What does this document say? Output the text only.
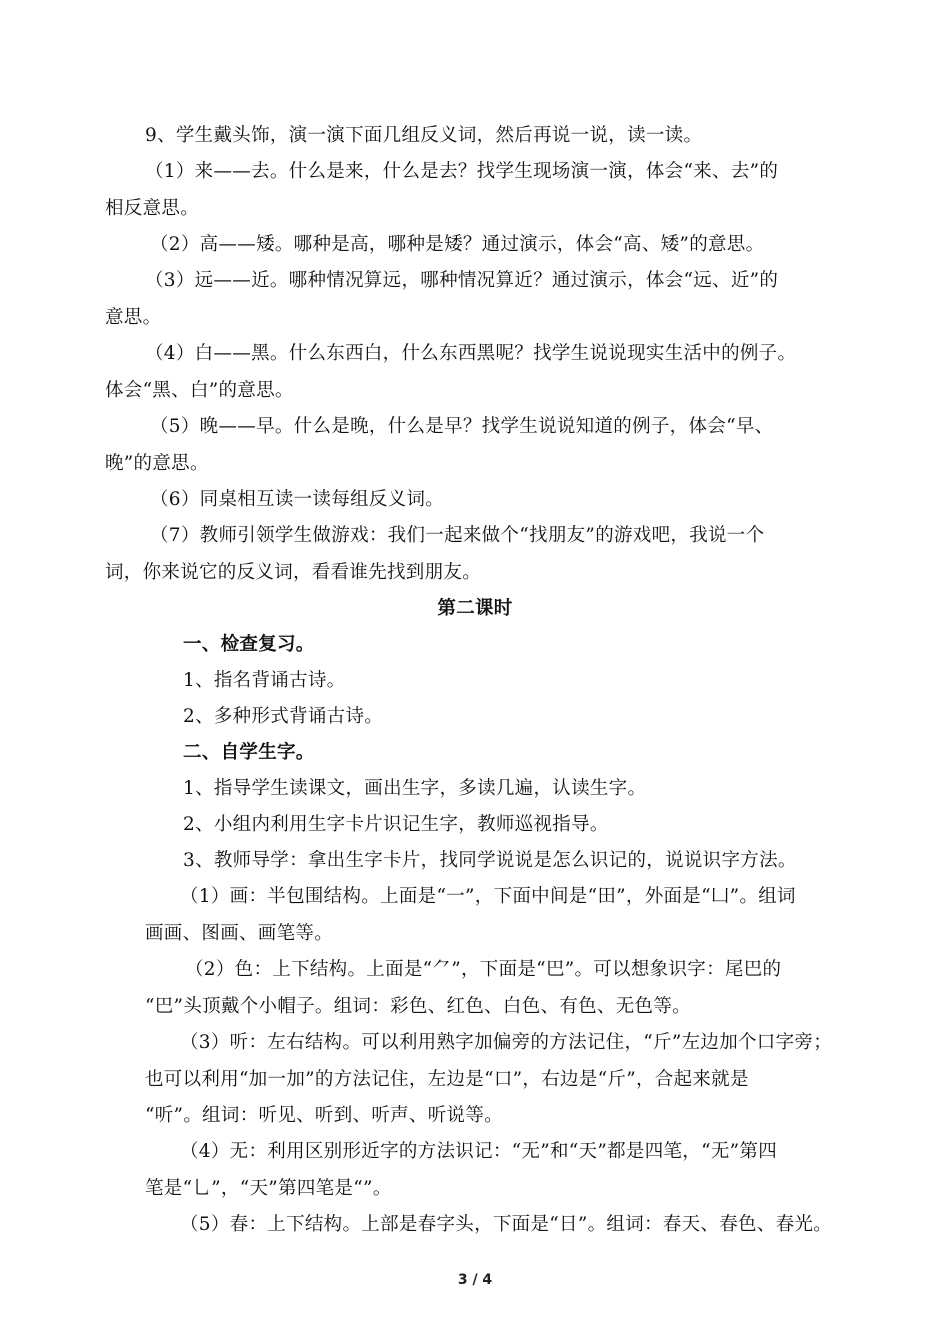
9、学生戴头饰，演一演下面几组反义词，然后再说一说，读一读。
（1）来——去。什么是来，什么是去？找学生现场演一演，体会“来、去”的
相反意思。
（2）高——矮。哪种是高，哪种是矮？通过演示，体会“高、矮”的意思。
（3）远——近。哪种情况算远，哪种情况算近？通过演示，体会“远、近”的
意思。
（4）白——黑。什么东西白，什么东西黑呢？找学生说说现实生活中的例子。
体会“黑、白”的意思。
（5）晚——早。什么是晚，什么是早？找学生说说知道的例子，体会“早、
晚”的意思。
（6）同桌相互读一读每组反义词。
（7）教师引领学生做游戏：我们一起来做个“找朋友”的游戏吧，我说一个
词，你来说它的反义词，看看谁先找到朋友。
第二课时
一、检查复习。
1、指名背诵古诗。
2、多种形式背诵古诗。
二、自学生字。
1、指导学生读课文，画出生字，多读几遍，认读生字。
2、小组内利用生字卡片识记生字，教师巡视指导。
3、教师导学：拿出生字卡片，找同学说说是怎么识记的，说说识字方法。
（1）画：半包围结构。上面是“一”，下面中间是“田”，外面是“凵”。组词
画画、图画、画笔等。
（2）色：上下结构。上面是“⺈”，下面是“巴”。可以想象识字：尾巴的
“巴”头顶戴个小帽子。组词：彩色、红色、白色、有色、无色等。
（3）听：左右结构。可以利用熟字加偏旁的方法记住，“斤”左边加个口字旁；
也可以利用“加一加”的方法记住，左边是“口”，右边是“斤”，合起来就是
“听”。组词：听见、听到、听声、听说等。
（4）无：利用区别形近字的方法识记：“无”和“天”都是四笔，“无”第四
笔是“乚”，“天”第四笔是“”。
（5）春：上下结构。上部是春字头，下面是“日”。组词：春天、春色、春光。
3 / 4
